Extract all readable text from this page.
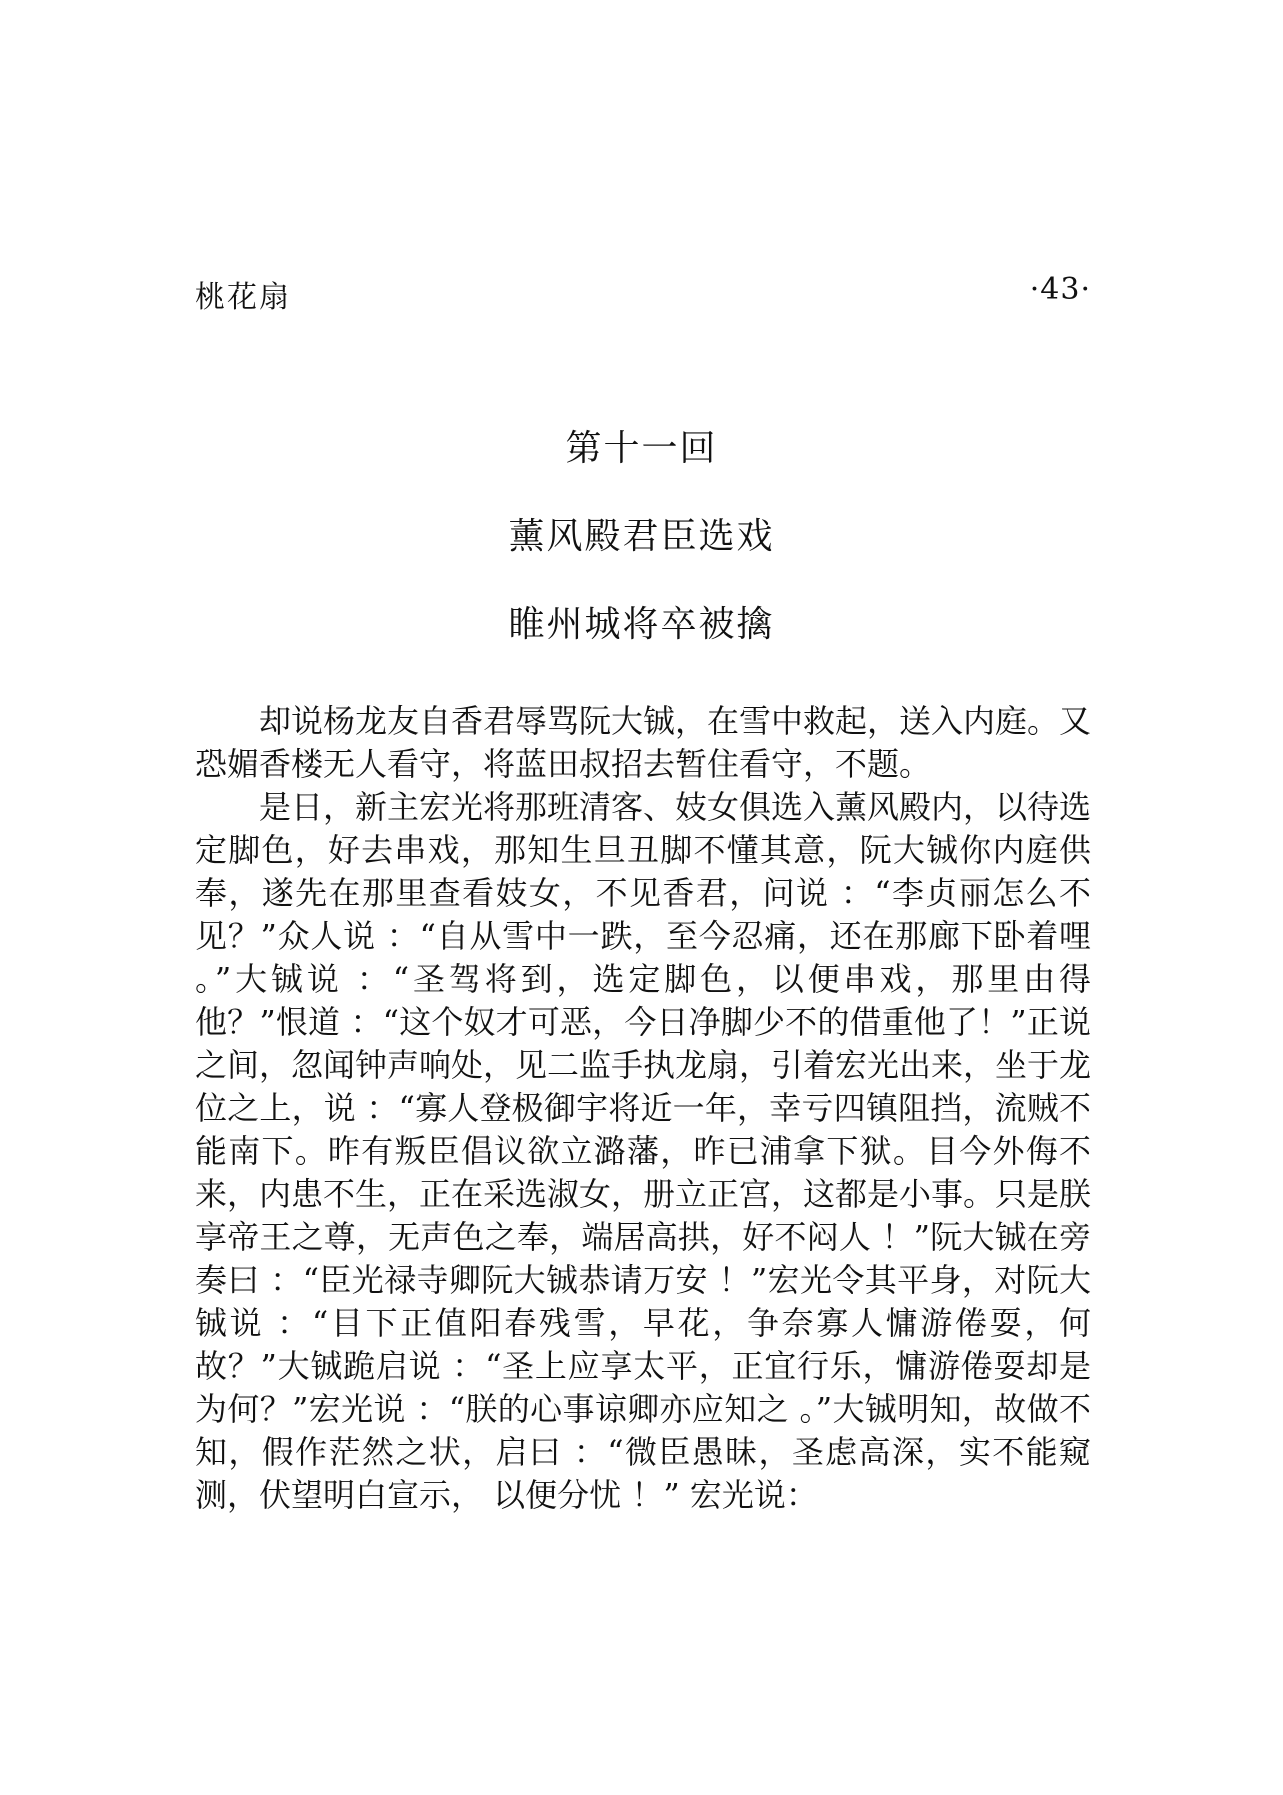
桃花扇	·43·
第十一回
薰风殿君臣选戏
睢州城将卒被擒

却说杨龙友自香君辱骂阮大铖，在雪中救起，送入内庭。又恐媚香楼无人看守，将蓝田叔招去暂住看守，不题。

是日，新主宏光将那班清客、妓女俱选入薰风殿内，以待选定脚色，好去串戏，那知生旦丑脚不懂其意，阮大铖你内庭供奉，遂先在那里查看妓女，不见香君，问说 ：“李贞丽怎么不见？”众人说 ：“自从雪中一跌，至今忍痛，还在那廊下卧着哩 。”大铖说 ：“圣驾将到，选定脚色，以便串戏，那里由得他？”恨道 ：“这个奴才可恶，今日净脚少不的借重他了！”正说之间，忽闻钟声响处，见二监手执龙扇，引着宏光出来，坐于龙位之上，说 ：“寡人登极御宇将近一年，幸亏四镇阻挡，流贼不能南下。昨有叛臣倡议欲立潞藩，昨已浦拿下狱。目今外侮不来，内患不生，正在采选淑女，册立正宫，这都是小事。只是朕享帝王之尊，无声色之奉，端居高拱，好不闷人 ！”阮大铖在旁奏曰 ：“臣光禄寺卿阮大铖恭请万安 ！”宏光令其平身，对阮大铖说 ：“目下正值阳春残雪，早花，争奈寡人慵游倦耍，何故？”大铖跪启说 ：“圣上应享太平，正宜行乐，慵游倦耍却是为何？”宏光说 ：“朕的心事谅卿亦应知之 。”大铖明知，故做不知，假作茫然之状，启曰 ：“微臣愚昧，圣虑高深，实不能窥测，伏望明白宣示， 以便分忧 ！” 宏光说：
